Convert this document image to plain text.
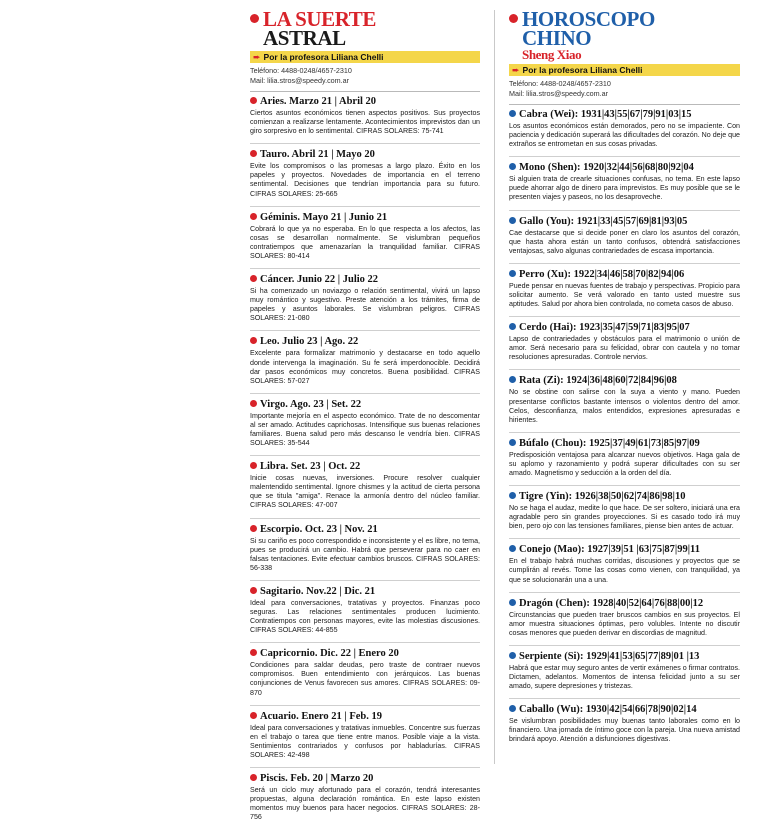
LA SUERTE
ASTRAL
➨ Por la profesora Liliana Chelli
Teléfono: 4488-0248/4657-2310
Mail: lilia.stros@speedy.com.ar
Aries. Marzo 21 | Abril 20
Ciertos asuntos económicos tienen aspectos positivos. Sus proyectos comienzan a realizarse lentamente. Acontecimientos imprevistos dan un giro sorpresivo en lo sentimental. CIFRAS SOLARES: 75-741
Tauro. Abril 21 | Mayo 20
Evite los compromisos o las promesas a largo plazo. Éxito en los papeles y proyectos. Novedades de importancia en el terreno sentimental. Decisiones que tendrían importancia para su futuro. CIFRAS SOLARES: 25-665
Géminis. Mayo 21 | Junio 21
Cobrará lo que ya no esperaba. En lo que respecta a los afectos, las cosas se desarrollan normalmente. Se vislumbran pequeños contratiempos que amenazarían la tranquilidad familiar. CIFRAS SOLARES: 80-414
Cáncer. Junio 22 | Julio 22
Si ha comenzado un noviazgo o relación sentimental, vivirá un lapso muy romántico y sugestivo. Preste atención a los trámites, firma de papeles y asuntos laborales. Se vislumbran peligros. CIFRAS SOLARES: 21-080
Leo. Julio 23 | Ago. 22
Excelente para formalizar matrimonio y destacarse en todo aquello donde intervenga la imaginación. Su fe será imperdonocible. Decidirá dar pasos económicos muy concretos. Buena posibilidad. CIFRAS SOLARES: 57-027
Virgo. Ago. 23 | Set. 22
Importante mejoría en el aspecto económico. Trate de no descomentar al ser amado. Actitudes caprichosas. Intensifique sus buenas relaciones familiares. Buena salud pero más descanso le vendría bien. CIFRAS SOLARES: 35-544
Libra. Set. 23 | Oct. 22
Inicie cosas nuevas, inversiones. Procure resolver cualquier malentendido sentimental. Ignore chismes y la actitud de cierta persona que se titula "amiga". Renace la armonía dentro del núcleo familiar. CIFRAS SOLARES: 47-007
Escorpio. Oct. 23 | Nov. 21
Si su cariño es poco correspondido e inconsistente y el es libre, no tema, pues se producirá un cambio. Habrá que perseverar para no caer en falsas tentaciones. Evite efectuar cambios bruscos. CIFRAS SOLARES: 56-338
Sagitario. Nov.22 | Dic. 21
Ideal para conversaciones, tratativas y proyectos. Finanzas poco seguras. Las relaciones sentimentales producen lucimiento. Contratiempos con personas mayores, evite las molestias discusiones. CIFRAS SOLARES: 44-855
Capricornio. Dic. 22 | Enero 20
Condiciones para saldar deudas, pero traste de contraer nuevos compromisos. Buen entendimiento con jerárquicos. Las buenas conjunciones de Venus favorecen sus amores. CIFRAS SOLARES: 09-870
Acuario. Enero 21 | Feb. 19
Ideal para conversaciones y tratativas inmuebles. Concentre sus fuerzas en el trabajo o tarea que tiene entre manos. Posible viaje a la vista. Sentimientos contrariados y confusos por habladurías. CIFRAS SOLARES: 42-498
Piscis. Feb. 20 | Marzo 20
Será un ciclo muy afortunado para el corazón, tendrá interesantes propuestas, alguna declaración romántica. En este lapso existen momentos muy buenos para hacer negocios. CIFRAS SOLARES: 28-756
HOROSCOPO
CHINO
Sheng Xiao
➨ Por la profesora Liliana Chelli
Teléfono: 4488-0248/4657-2310
Mail: lilia.stros@speedy.com.ar
Cabra (Wei): 1931|43|55|67|79|91|03|15
Los asuntos económicos están demorados, pero no se impaciente. Con paciencia y dedicación superará las dificultades del corazón. No deje que extraños se entrometan en sus cosas privadas.
Mono (Shen): 1920|32|44|56|68|80|92|04
Si alguien trata de crearle situaciones confusas, no tema. En este lapso puede ahorrar algo de dinero para imprevistos. Es muy posible que se le presenten viajes y paseos, no los desaproveche.
Gallo (You): 1921|33|45|57|69|81|93|05
Cae destacarse que si decide poner en claro los asuntos del corazón, que hasta ahora están un tanto confusos, obtendrá satisfacciones ventajosas, salvo algunas contrariedades de escasa importancia.
Perro (Xu): 1922|34|46|58|70|82|94|06
Puede pensar en nuevas fuentes de trabajo y perspectivas. Propicio para solicitar aumento. Se verá valorado en tanto usted muestre sus aptitudes. Salud por ahora bien controlada, no cometa casos de abuso.
Cerdo (Hai): 1923|35|47|59|71|83|95|07
Lapso de contrariedades y obstáculos para el matrimonio o unión de amor. Será necesario para su felicidad, obrar con cautela y no tomar resoluciones apresuradas. Controle nervios.
Rata (Zi): 1924|36|48|60|72|84|96|08
No se obstine con salirse con la suya a viento y mano. Pueden presentarse conflictos bastante intensos o violentos dentro del amor. Celos, desconfianza, malos entendidos, expresiones apresuradas e hirientes.
Búfalo (Chou): 1925|37|49|61|73|85|97|09
Predisposición ventajosa para alcanzar nuevos objetivos. Haga gala de su aplomo y razonamiento y podrá superar dificultades con su ser amado. Magnetismo y seducción a la orden del día.
Tigre (Yin): 1926|38|50|62|74|86|98|10
No se haga el audaz, medite lo que hace. De ser soltero, iniciará una era agradable pero sin grandes proyecciones. Si es casado todo irá muy bien, pero ojo con las tensiones familiares, piense bien antes de actuar.
Conejo (Mao): 1927|39|51 |63|75|87|99|11
En el trabajo habrá muchas corridas, discusiones y proyectos que se cumplirán al revés. Tome las cosas como vienen, con tranquilidad, ya que se solucionarán una a una.
Dragón (Chen): 1928|40|52|64|76|88|00|12
Circunstancias que pueden traer bruscos cambios en sus proyectos. El amor muestra situaciones óptimas, pero volubles. Intente no discutir cosas menores que pueden derivar en discordias de magnitud.
Serpiente (Si): 1929|41|53|65|77|89|01 |13
Habrá que estar muy seguro antes de vertir exámenes o firmar contratos. Dictamen, adelantos. Momentos de intensa felicidad junto a su ser amado, supere depresiones y tristezas.
Caballo (Wu): 1930|42|54|66|78|90|02|14
Se vislumbran posibilidades muy buenas tanto laborales como en lo financiero. Una jornada de íntimo goce con la pareja. Una nueva amistad brindará apoyo. Atención a disfunciones digestivas.
